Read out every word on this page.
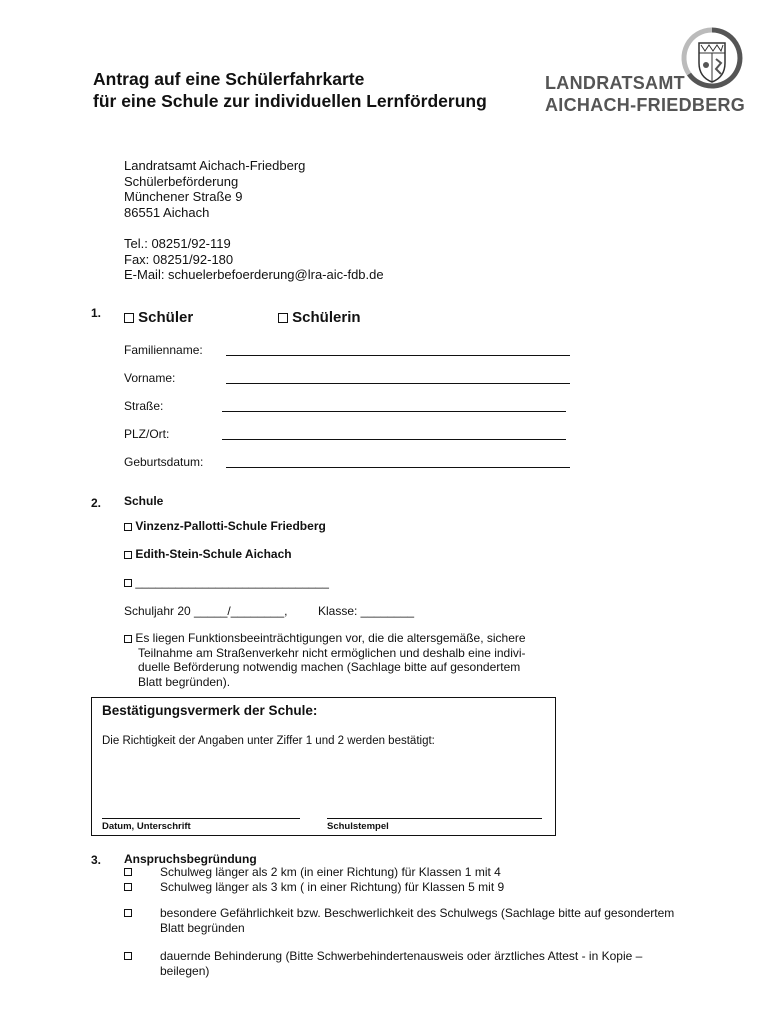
Antrag auf eine Schülerfahrkarte
für eine Schule zur individuellen Lernförderung
LANDRATSAMT
AICHACH-FRIEDBERG
Landratsamt Aichach-Friedberg
Schülerbeförderung
Münchener Straße 9
86551 Aichach
Tel.: 08251/92-119
Fax: 08251/92-180
E-Mail: schuelerbefoerderung@lra-aic-fdb.de
1.	Schüler	Schülerin
Familienname:
Vorname:
Straße:
PLZ/Ort:
Geburtsdatum:
2. Schule
Vinzenz-Pallotti-Schule Friedberg
Edith-Stein-Schule Aichach
_____________________________
Schuljahr 20 _____/________,	Klasse: ________
Es liegen Funktionsbeeinträchtigungen vor, die die altersgemäße, sichere
Teilnahme am Straßenverkehr nicht ermöglichen und deshalb eine indivi-
duelle Beförderung notwendig machen (Sachlage bitte auf gesondertem
Blatt begründen).
Bestätigungsvermerk der Schule:
Die Richtigkeit der Angaben unter Ziffer 1 und 2 werden bestätigt:
Datum, Unterschrift	Schulstempel
3. Anspruchsbegründung
Schulweg länger als 2 km (in einer Richtung) für Klassen 1 mit 4
Schulweg länger als 3 km ( in einer Richtung) für Klassen 5 mit 9
besondere Gefährlichkeit bzw. Beschwerlichkeit des Schulwegs (Sachlage bitte auf gesondertem
Blatt begründen
dauernde Behinderung (Bitte Schwerbehindertenausweis oder ärztliches Attest - in Kopie –
beilegen)
